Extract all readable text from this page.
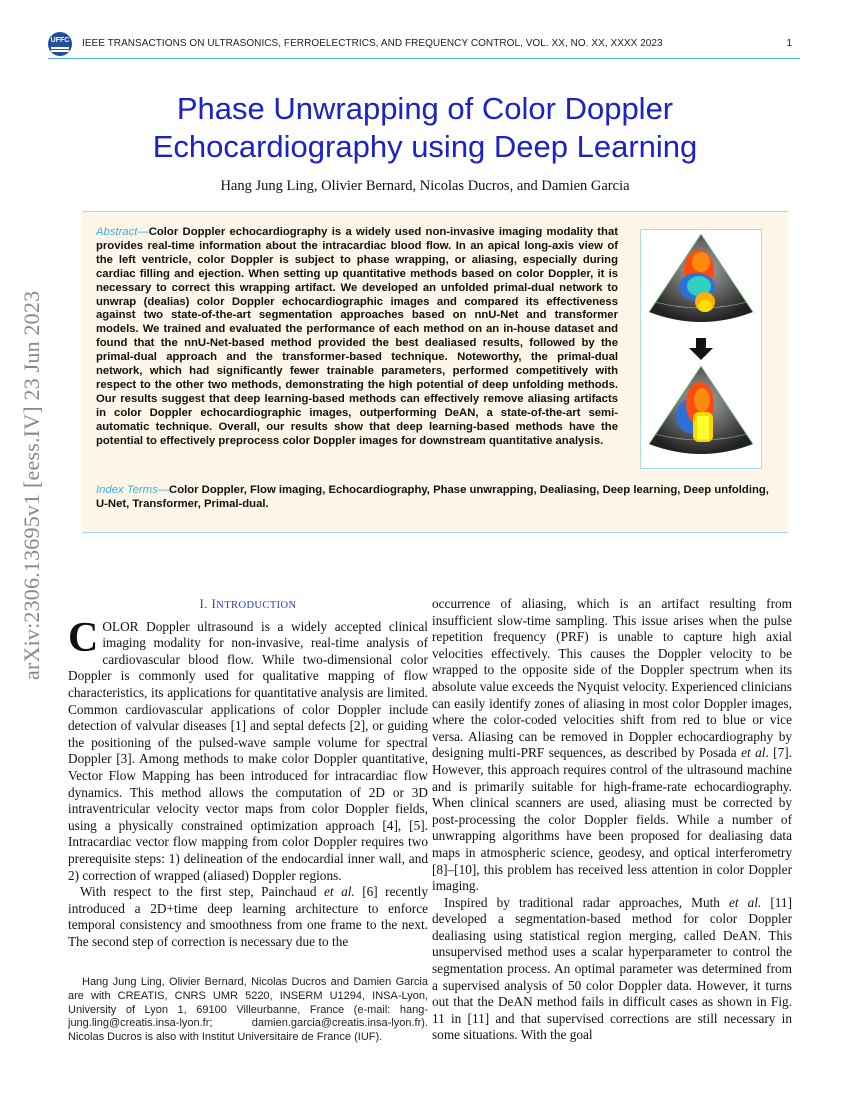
UFFC IEEE TRANSACTIONS ON ULTRASONICS, FERROELECTRICS, AND FREQUENCY CONTROL, VOL. XX, NO. XX, XXXX 2023	1
arXiv:2306.13695v1 [eess.IV] 23 Jun 2023
Phase Unwrapping of Color Doppler
Echocardiography using Deep Learning
Hang Jung Ling, Olivier Bernard, Nicolas Ducros, and Damien Garcia
Abstract—Color Doppler echocardiography is a widely used non-invasive imaging modality that provides real-time information about the intracardiac blood flow. In an apical long-axis view of the left ventricle, color Doppler is subject to phase wrapping, or aliasing, especially during cardiac filling and ejection. When setting up quantitative methods based on color Doppler, it is necessary to correct this wrapping artifact. We developed an unfolded primal-dual network to unwrap (dealias) color Doppler echocardiographic images and compared its effectiveness against two state-of-the-art segmentation approaches based on nnU-Net and transformer models. We trained and evaluated the performance of each method on an in-house dataset and found that the nnU-Net-based method provided the best dealiased results, followed by the primal-dual approach and the transformer-based technique. Noteworthy, the primal-dual network, which had significantly fewer trainable parameters, performed competitively with respect to the other two methods, demonstrating the high potential of deep unfolding methods. Our results suggest that deep learning-based methods can effectively remove aliasing artifacts in color Doppler echocardiographic images, outperforming DeAN, a state-of-the-art semi-automatic technique. Overall, our results show that deep learning-based methods have the potential to effectively preprocess color Doppler images for downstream quantitative analysis.
Index Terms—Color Doppler, Flow imaging, Echocardiography, Phase unwrapping, Dealiasing, Deep learning, Deep unfolding, U-Net, Transformer, Primal-dual.
I. INTRODUCTION

COLOR Doppler ultrasound is a widely accepted clinical imaging modality for non-invasive, real-time analysis of cardiovascular blood flow. While two-dimensional color Doppler is commonly used for qualitative mapping of flow characteristics, its applications for quantitative analysis are limited. Common cardiovascular applications of color Doppler include detection of valvular diseases [1] and septal defects [2], or guiding the positioning of the pulsed-wave sample volume for spectral Doppler [3]. Among methods to make color Doppler quantitative, Vector Flow Mapping has been introduced for intracardiac flow dynamics. This method allows the computation of 2D or 3D intraventricular velocity vector maps from color Doppler fields, using a physically constrained optimization approach [4], [5]. Intracardiac vector flow mapping from color Doppler requires two prerequisite steps: 1) delineation of the endocardial inner wall, and 2) correction of wrapped (aliased) Doppler regions.

With respect to the first step, Painchaud et al. [6] recently introduced a 2D+time deep learning architecture to enforce temporal consistency and smoothness from one frame to the next. The second step of correction is necessary due to the

Hang Jung Ling, Olivier Bernard, Nicolas Ducros and Damien Garcia are with CREATIS, CNRS UMR 5220, INSERM U1294, INSA-Lyon, University of Lyon 1, 69100 Villeurbanne, France (e-mail: hang-jung.ling@creatis.insa-lyon.fr; damien.garcia@creatis.insa-lyon.fr). Nicolas Ducros is also with Institut Universitaire de France (IUF).

occurrence of aliasing, which is an artifact resulting from insufficient slow-time sampling. This issue arises when the pulse repetition frequency (PRF) is unable to capture high axial velocities effectively. This causes the Doppler velocity to be wrapped to the opposite side of the Doppler spectrum when its absolute value exceeds the Nyquist velocity. Experienced clinicians can easily identify zones of aliasing in most color Doppler images, where the color-coded velocities shift from red to blue or vice versa. Aliasing can be removed in Doppler echocardiography by designing multi-PRF sequences, as described by Posada et al. [7]. However, this approach requires control of the ultrasound machine and is primarily suitable for high-frame-rate echocardiography. When clinical scanners are used, aliasing must be corrected by post-processing the color Doppler fields. While a number of unwrapping algorithms have been proposed for dealiasing data maps in atmospheric science, geodesy, and optical interferometry [8]–[10], this problem has received less attention in color Doppler imaging.

Inspired by traditional radar approaches, Muth et al. [11] developed a segmentation-based method for color Doppler dealiasing using statistical region merging, called DeAN. This unsupervised method uses a scalar hyperparameter to control the segmentation process. An optimal parameter was determined from a supervised analysis of 50 color Doppler data. However, it turns out that the DeAN method fails in difficult cases as shown in Fig. 11 in [11] and that supervised corrections are still necessary in some situations. With the goal
